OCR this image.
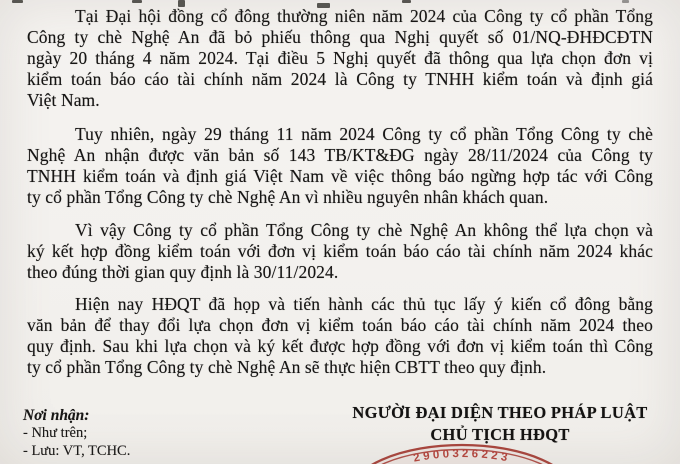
Tại Đại hội đồng cổ đông thường niên năm 2024 của Công ty cổ phần Tổng
Công ty chè Nghệ An đã bỏ phiếu thông qua Nghị quyết số 01/NQ-ĐHĐCĐTN
ngày 20 tháng 4 năm 2024. Tại điều 5 Nghị quyết đã thông qua lựa chọn đơn vị
kiểm toán báo cáo tài chính năm 2024 là Công ty TNHH kiểm toán và định giá
Việt Nam.
Tuy nhiên, ngày 29 tháng 11 năm 2024 Công ty cổ phần Tổng Công ty chè
Nghệ An nhận được văn bản số 143 TB/KT&ĐG ngày 28/11/2024 của Công ty
TNHH kiểm toán và định giá Việt Nam về việc thông báo ngừng hợp tác với Công
ty cổ phần Tổng Công ty chè Nghệ An vì nhiều nguyên nhân khách quan.
Vì vậy Công ty cổ phần Tổng Công ty chè Nghệ An không thể lựa chọn và
ký kết hợp đồng kiểm toán với đơn vị kiểm toán báo cáo tài chính năm 2024 khác
theo đúng thời gian quy định là 30/11/2024.
Hiện nay HĐQT đã họp và tiến hành các thủ tục lấy ý kiến cổ đông bằng
văn bản để thay đổi lựa chọn đơn vị kiểm toán báo cáo tài chính năm 2024 theo
quy định. Sau khi lựa chọn và ký kết được hợp đồng với đơn vị kiểm toán thì Công
ty cổ phần Tổng Công ty chè Nghệ An sẽ thực hiện CBTT theo quy định.
Nơi nhận:
- Như trên;
- Lưu: VT, TCHC.
NGƯỜI ĐẠI DIỆN THEO PHÁP LUẬT
CHỦ TỊCH HĐQT
2900326223
